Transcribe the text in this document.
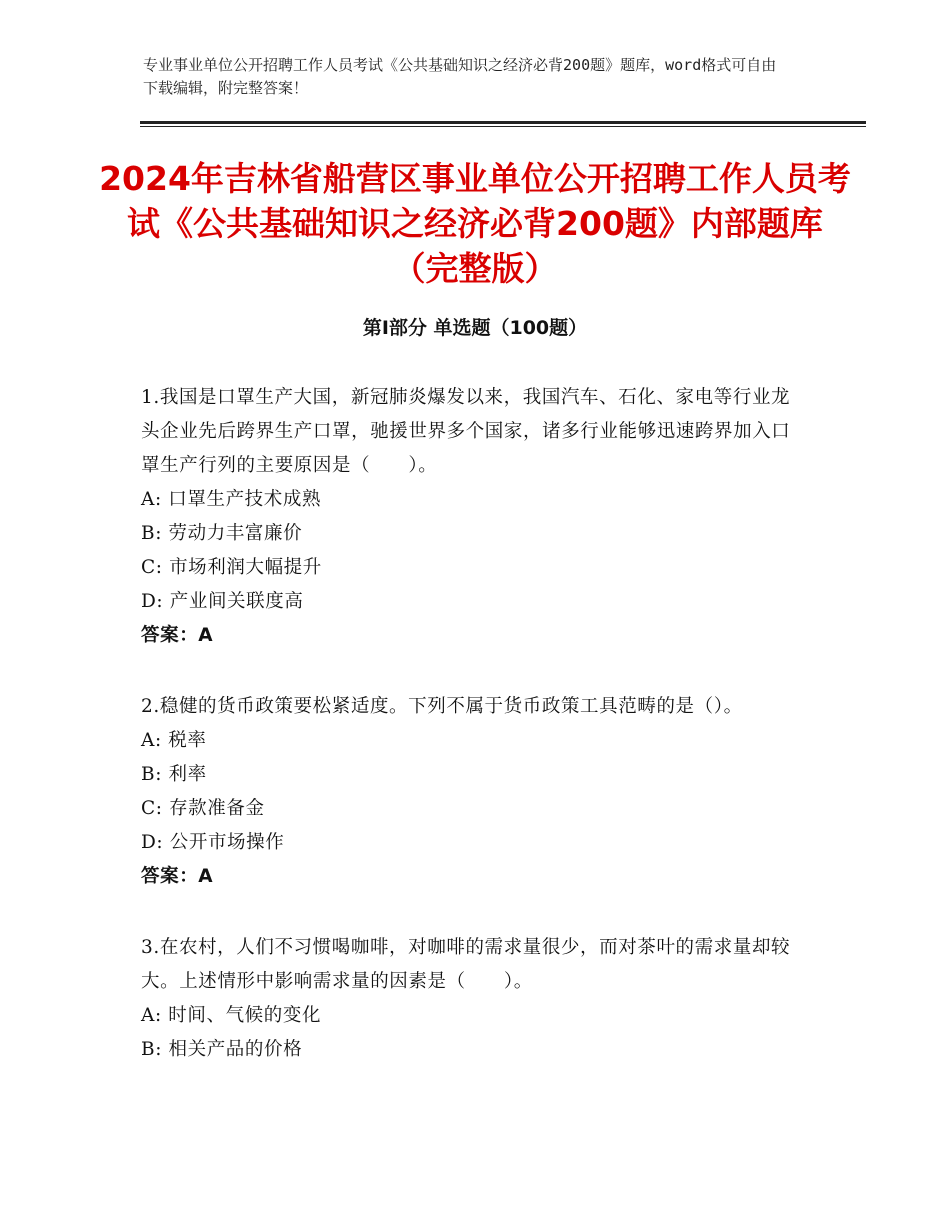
专业事业单位公开招聘工作人员考试《公共基础知识之经济必背200题》题库，word格式可自由下载编辑，附完整答案！
2024年吉林省船营区事业单位公开招聘工作人员考试《公共基础知识之经济必背200题》内部题库（完整版）
第Ⅰ部分 单选题（100题）

1.我国是口罩生产大国，新冠肺炎爆发以来，我国汽车、石化、家电等行业龙头企业先后跨界生产口罩，驰援世界多个国家，诸多行业能够迅速跨界加入口罩生产行列的主要原因是（　　）。

A: 口罩生产技术成熟

B: 劳动力丰富廉价

C: 市场利润大幅提升

D: 产业间关联度高

答案：A

2.稳健的货币政策要松紧适度。下列不属于货币政策工具范畴的是（）。

A: 税率

B: 利率

C: 存款准备金

D: 公开市场操作

答案：A

3.在农村，人们不习惯喝咖啡，对咖啡的需求量很少，而对茶叶的需求量却较大。上述情形中影响需求量的因素是（　　）。

A: 时间、气候的变化

B: 相关产品的价格
